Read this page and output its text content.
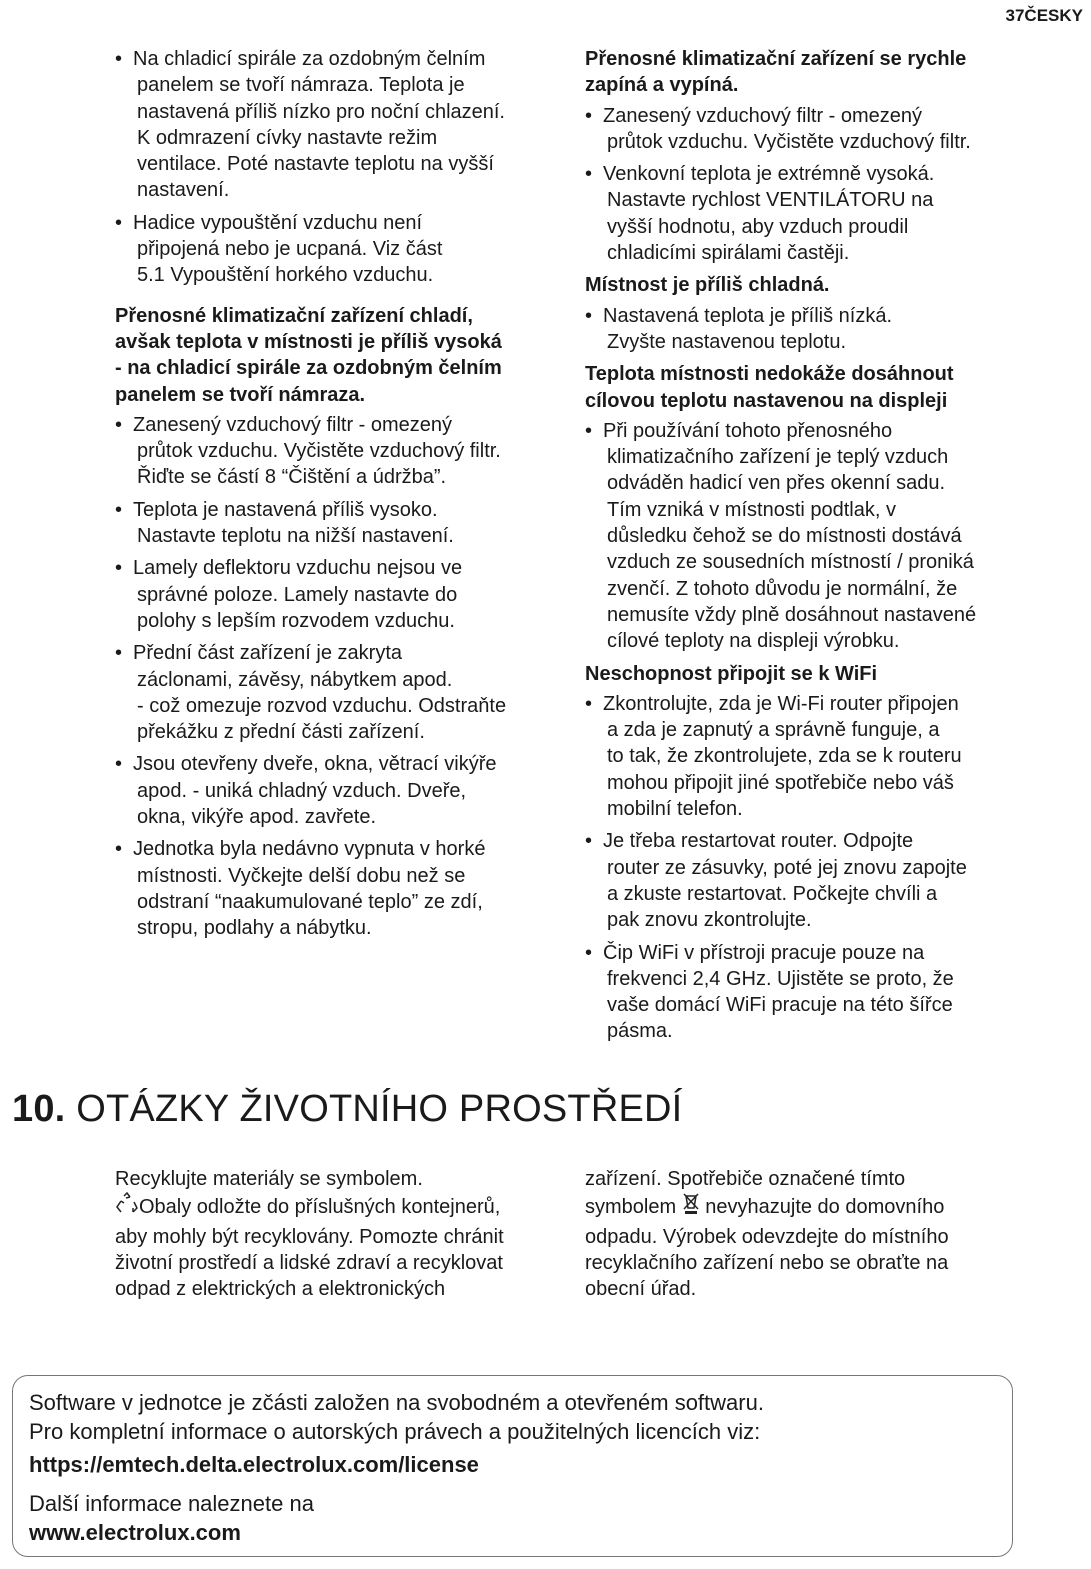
37ČESKY
• Na chladicí spirále za ozdobným čelním
panelem se tvoří námraza. Teplota je
nastavená příliš nízko pro noční chlazení.
K odmrazení cívky nastavte režim
ventilace. Poté nastavte teplotu na vyšší
nastavení.
• Hadice vypouštění vzduchu není
připojená nebo je ucpaná. Viz část
5.1 Vypouštění horkého vzduchu.
Přenosné klimatizační zařízení chladí,
avšak teplota v místnosti je příliš vysoká
- na chladicí spirále za ozdobným čelním
panelem se tvoří námraza.
• Zanesený vzduchový filtr - omezený
průtok vzduchu. Vyčistěte vzduchový filtr.
Řiďte se částí 8 “Čištění a údržba”.
• Teplota je nastavená příliš vysoko.
Nastavte teplotu na nižší nastavení.
• Lamely deflektoru vzduchu nejsou ve
správné poloze. Lamely nastavte do
polohy s lepším rozvodem vzduchu.
• Přední část zařízení je zakryta
záclonami, závěsy, nábytkem apod.
- což omezuje rozvod vzduchu. Odstraňte
překážku z přední části zařízení.
• Jsou otevřeny dveře, okna, větrací vikýře
apod. - uniká chladný vzduch. Dveře,
okna, vikýře apod. zavřete.
• Jednotka byla nedávno vypnuta v horké
místnosti. Vyčkejte delší dobu než se
odstraní “naakumulované teplo” ze zdí,
stropu, podlahy a nábytku.
Přenosné klimatizační zařízení se rychle
zapíná a vypíná.
• Zanesený vzduchový filtr - omezený
průtok vzduchu. Vyčistěte vzduchový filtr.
• Venkovní teplota je extrémně vysoká.
Nastavte rychlost VENTILÁTORU na
vyšší hodnotu, aby vzduch proudil
chladicími spirálami častěji.
Místnost je příliš chladná.
• Nastavená teplota je příliš nízká.
Zvyšte nastavenou teplotu.
Teplota místnosti nedokáže dosáhnout
cílovou teplotu nastavenou na displeji
• Při používání tohoto přenosného
klimatizačního zařízení je teplý vzduch
odváděn hadicí ven přes okenní sadu.
Tím vzniká v místnosti podtlak, v
důsledku čehož se do místnosti dostává
vzduch ze sousedních místností / proniká
zvenčí. Z tohoto důvodu je normální, že
nemusíte vždy plně dosáhnout nastavené
cílové teploty na displeji výrobku.
Neschopnost připojit se k WiFi
• Zkontrolujte, zda je Wi-Fi router připojen
a zda je zapnutý a správně funguje, a
to tak, že zkontrolujete, zda se k routeru
mohou připojit jiné spotřebiče nebo váš
mobilní telefon.
• Je třeba restartovat router. Odpojte
router ze zásuvky, poté jej znovu zapojte
a zkuste restartovat. Počkejte chvíli a
pak znovu zkontrolujte.
• Čip WiFi v přístroji pracuje pouze na
frekvenci 2,4 GHz. Ujistěte se proto, že
vaše domácí WiFi pracuje na této šířce
pásma.
10. OTÁZKY ŽIVOTNÍHO PROSTŘEDÍ
Recyklujte materiály se symbolem.
Obaly odložte do příslušných kontejnerů,
aby mohly být recyklovány. Pomozte chránit
životní prostředí a lidské zdraví a recyklovat
odpad z elektrických a elektronických
zařízení. Spotřebiče označené tímto
symbolem nevyhazujte do domovního
odpadu. Výrobek odevzdejte do místního
recyklačního zařízení nebo se obraťte na
obecní úřad.
Software v jednotce je zčásti založen na svobodném a otevřeném softwaru.
Pro kompletní informace o autorských právech a použitelných licencích viz:
https://emtech.delta.electrolux.com/license
Další informace naleznete na
www.electrolux.com
